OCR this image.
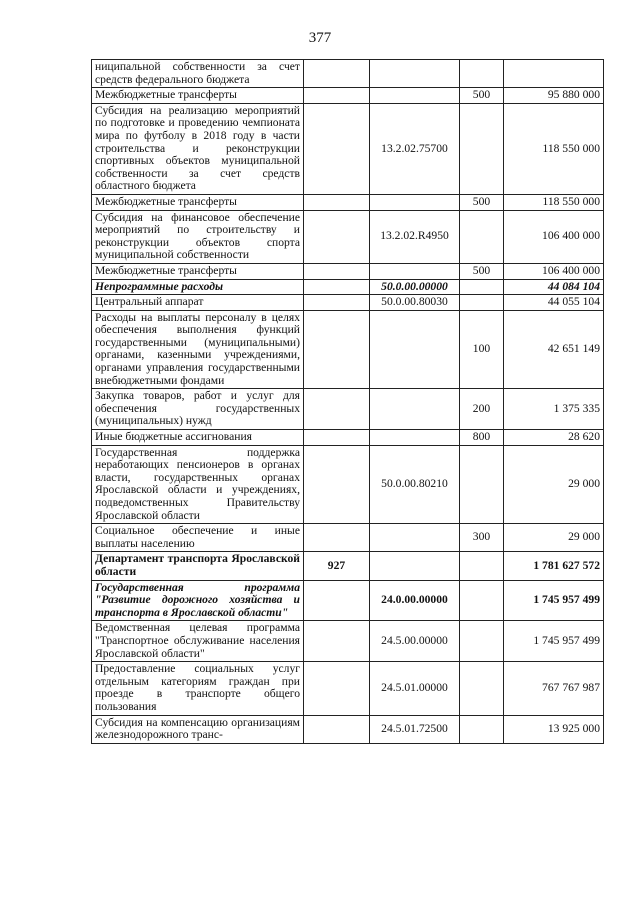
377
ниципальной собственности за счет средств федерального бюджета				
Межбюджетные трансферты			500	95 880 000
Субсидия на реализацию мероприятий по подготовке и проведению чемпионата мира по футболу в 2018 году в части строительства и реконструкции спортивных объектов муниципальной собственности за счет средств областного бюджета		13.2.02.75700		118 550 000
Межбюджетные трансферты			500	118 550 000
Субсидия на финансовое обеспечение мероприятий по строительству и реконструкции объектов спорта муниципальной собственности		13.2.02.R4950		106 400 000
Межбюджетные трансферты			500	106 400 000
Непрограммные расходы		50.0.00.00000		44 084 104
Центральный аппарат		50.0.00.80030		44 055 104
Расходы на выплаты персоналу в целях обеспечения выполнения функций государственными (муниципальными) органами, казенными учреждениями, органами управления государственными внебюджетными фондами			100	42 651 149
Закупка товаров, работ и услуг для обеспечения государственных (муниципальных) нужд			200	1 375 335
Иные бюджетные ассигнования			800	28 620
Государственная поддержка неработающих пенсионеров в органах власти, государственных органах Ярославской области и учреждениях, подведомственных Правительству Ярославской области		50.0.00.80210		29 000
Социальное обеспечение и иные выплаты населению			300	29 000
Департамент транспорта Ярославской области	927			1 781 627 572
Государственная программа "Развитие дорожного хозяйства и транспорта в Ярославской области"		24.0.00.00000		1 745 957 499
Ведомственная целевая программа "Транспортное обслуживание населения Ярославской области"		24.5.00.00000		1 745 957 499
Предоставление социальных услуг отдельным категориям граждан при проезде в транспорте общего пользования		24.5.01.00000		767 767 987
Субсидия на компенсацию организациям железнодорожного транс-		24.5.01.72500		13 925 000
